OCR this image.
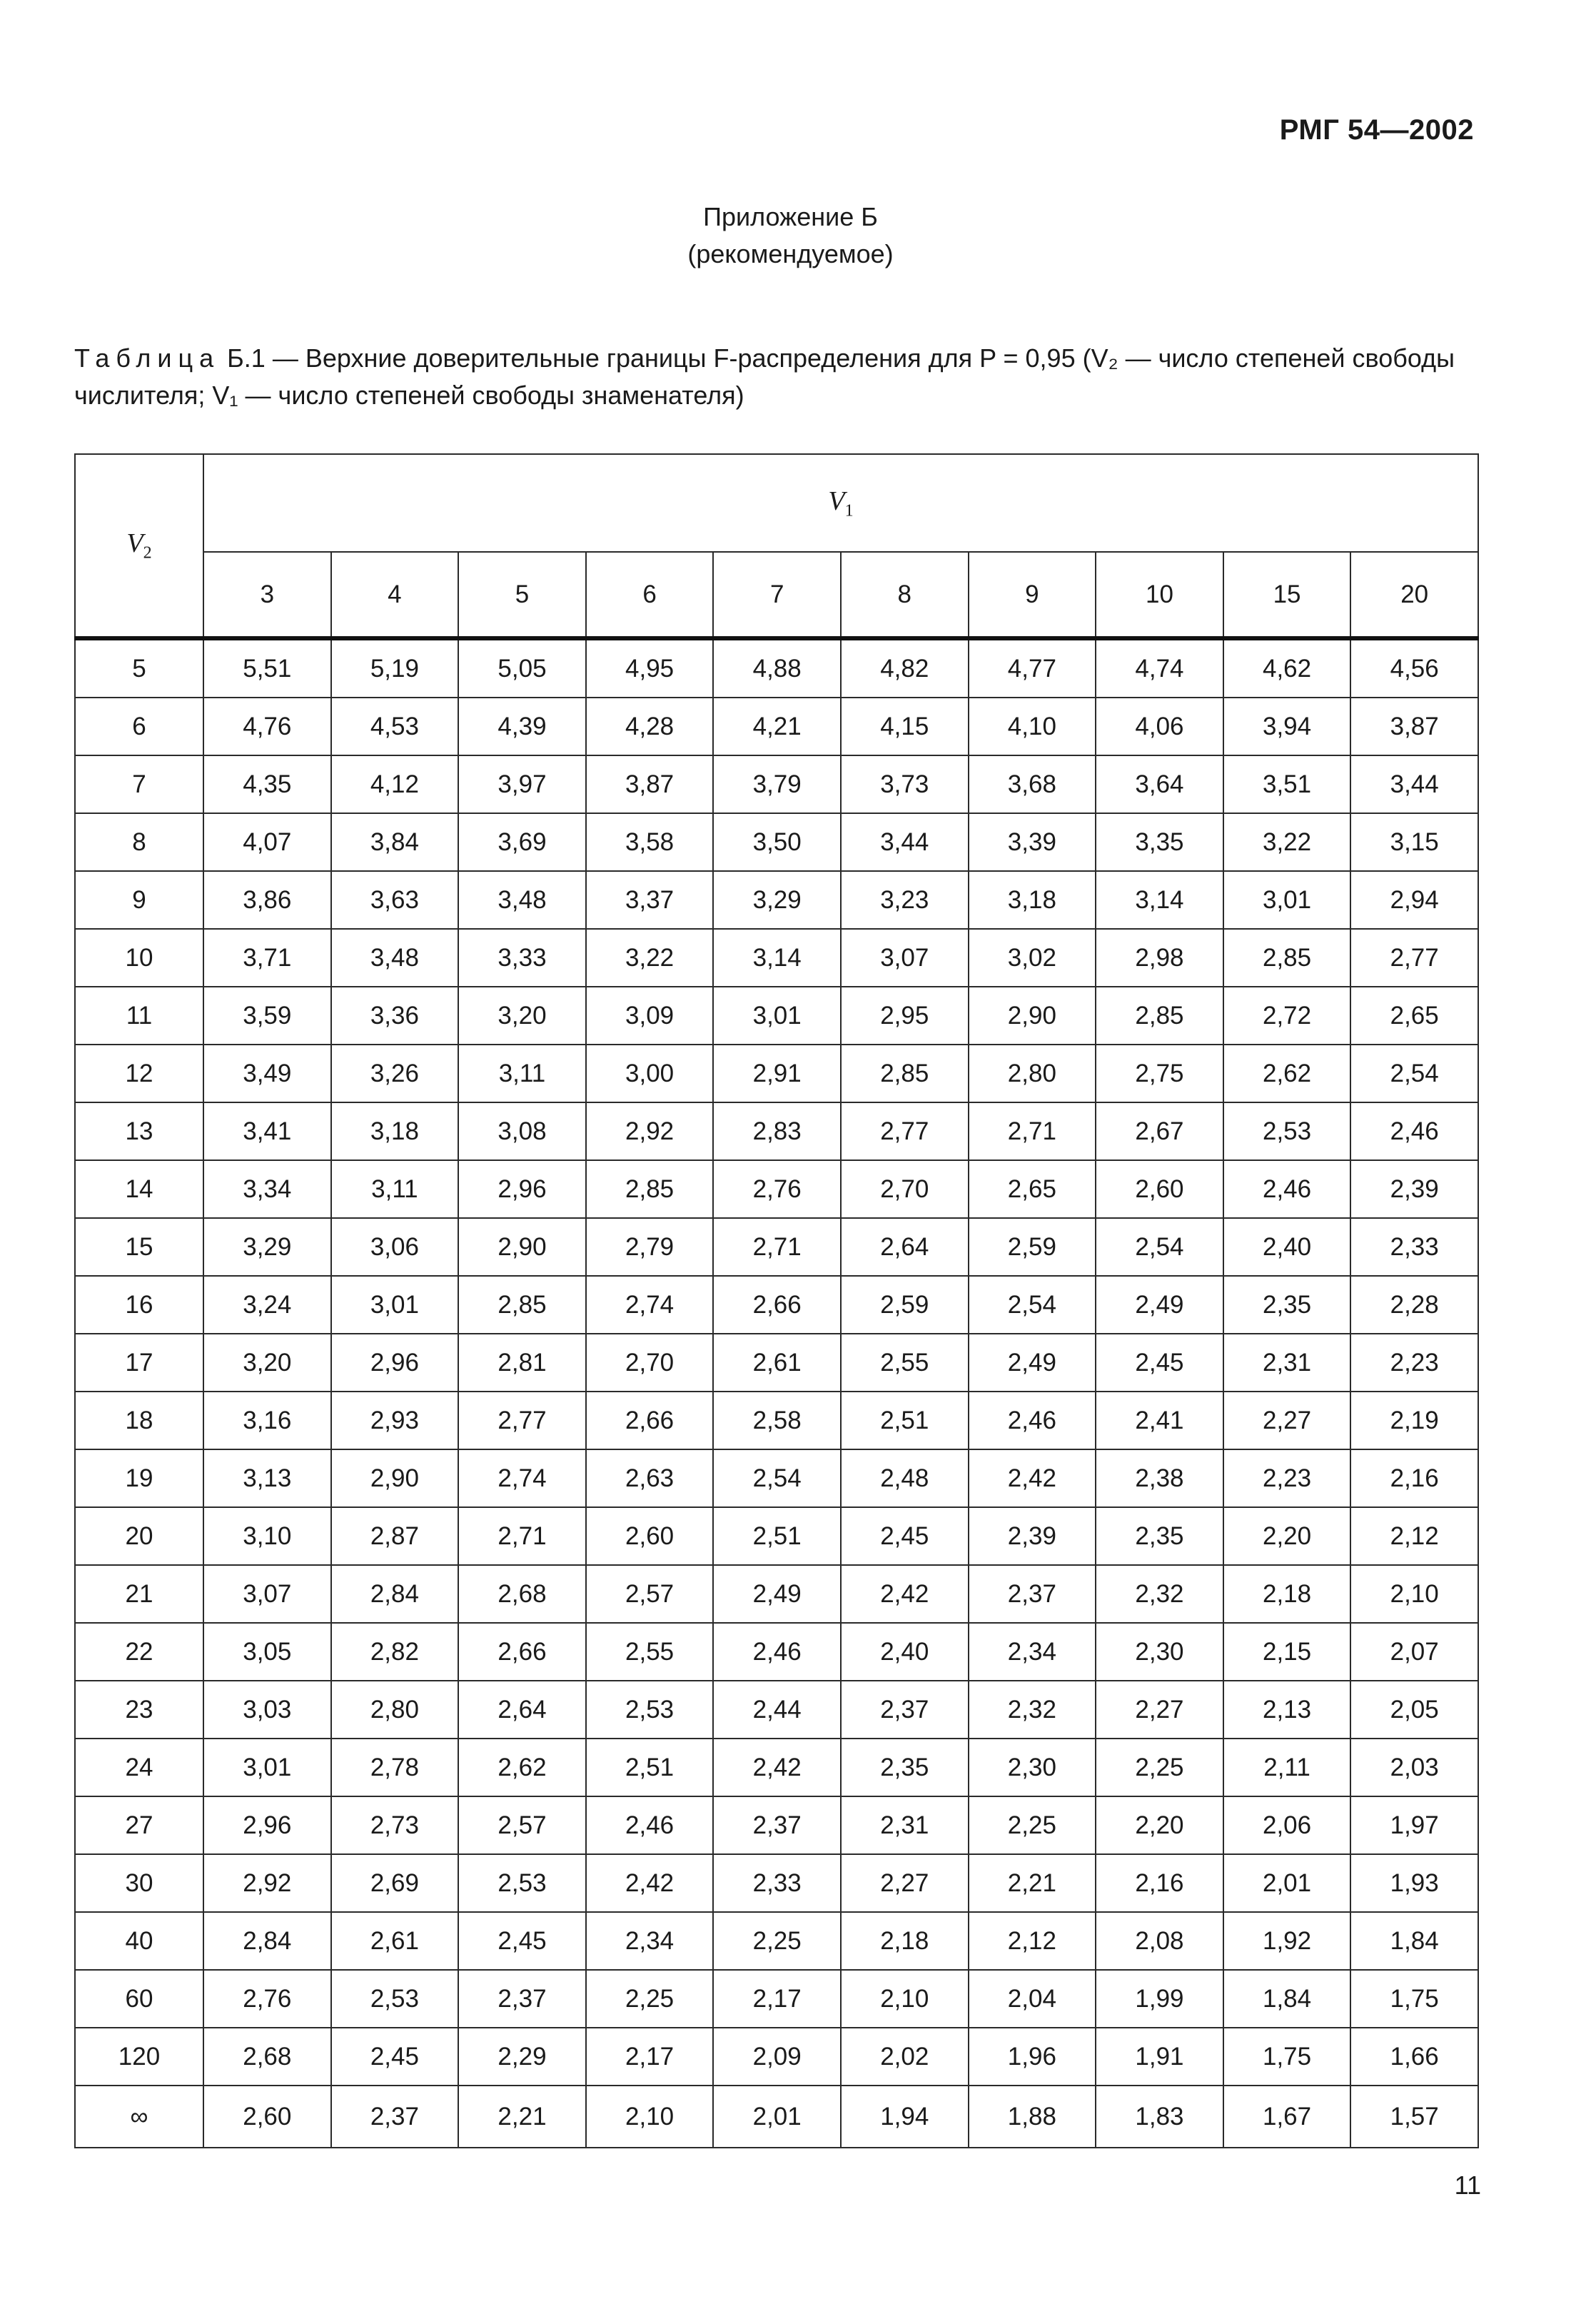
РМГ 54—2002
Приложение Б
(рекомендуемое)
Таблица Б.1 — Верхние доверительные границы F-распределения для P = 0,95 (V₂ — число степеней свободы числителя; V₁ — число степеней свободы знаменателя)
$V_2$	$V_1$
	3	4	5	6	7	8	9	10	15	20
5	5,51	5,19	5,05	4,95	4,88	4,82	4,77	4,74	4,62	4,56
6	4,76	4,53	4,39	4,28	4,21	4,15	4,10	4,06	3,94	3,87
7	4,35	4,12	3,97	3,87	3,79	3,73	3,68	3,64	3,51	3,44
8	4,07	3,84	3,69	3,58	3,50	3,44	3,39	3,35	3,22	3,15
9	3,86	3,63	3,48	3,37	3,29	3,23	3,18	3,14	3,01	2,94
10	3,71	3,48	3,33	3,22	3,14	3,07	3,02	2,98	2,85	2,77
11	3,59	3,36	3,20	3,09	3,01	2,95	2,90	2,85	2,72	2,65
12	3,49	3,26	3,11	3,00	2,91	2,85	2,80	2,75	2,62	2,54
13	3,41	3,18	3,08	2,92	2,83	2,77	2,71	2,67	2,53	2,46
14	3,34	3,11	2,96	2,85	2,76	2,70	2,65	2,60	2,46	2,39
15	3,29	3,06	2,90	2,79	2,71	2,64	2,59	2,54	2,40	2,33
16	3,24	3,01	2,85	2,74	2,66	2,59	2,54	2,49	2,35	2,28
17	3,20	2,96	2,81	2,70	2,61	2,55	2,49	2,45	2,31	2,23
18	3,16	2,93	2,77	2,66	2,58	2,51	2,46	2,41	2,27	2,19
19	3,13	2,90	2,74	2,63	2,54	2,48	2,42	2,38	2,23	2,16
20	3,10	2,87	2,71	2,60	2,51	2,45	2,39	2,35	2,20	2,12
21	3,07	2,84	2,68	2,57	2,49	2,42	2,37	2,32	2,18	2,10
22	3,05	2,82	2,66	2,55	2,46	2,40	2,34	2,30	2,15	2,07
23	3,03	2,80	2,64	2,53	2,44	2,37	2,32	2,27	2,13	2,05
24	3,01	2,78	2,62	2,51	2,42	2,35	2,30	2,25	2,11	2,03
27	2,96	2,73	2,57	2,46	2,37	2,31	2,25	2,20	2,06	1,97
30	2,92	2,69	2,53	2,42	2,33	2,27	2,21	2,16	2,01	1,93
40	2,84	2,61	2,45	2,34	2,25	2,18	2,12	2,08	1,92	1,84
60	2,76	2,53	2,37	2,25	2,17	2,10	2,04	1,99	1,84	1,75
120	2,68	2,45	2,29	2,17	2,09	2,02	1,96	1,91	1,75	1,66
∞	2,60	2,37	2,21	2,10	2,01	1,94	1,88	1,83	1,67	1,57
11
